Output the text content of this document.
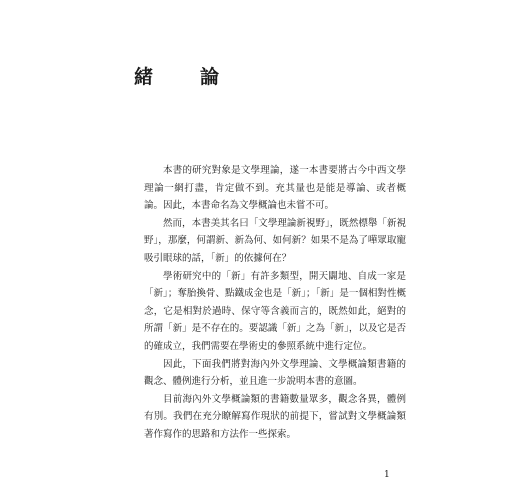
緒　論

本書的研究對象是文學理論，遂一本書要將古今中西文學理論一網打盡，肯定做不到。充其量也是能是導論、或者概論。因此，本書命名為文學概論也未嘗不可。

然而，本書美其名曰「文學理論新視野」，既然標舉「新視野」，那麼，何謂新、新為何、如何新？如果不是為了嘩眾取寵吸引眼球的話，「新」的依據何在？

學術研究中的「新」有許多類型，開天闢地、自成一家是「新」；奪胎換骨、點鐵成金也是「新」；「新」是一個相對性概念，它是相對於過時、保守等含義而言的，既然如此，絕對的所謂「新」是不存在的。要認識「新」之為「新」，以及它是否的確成立，我們需要在學術史的參照系統中進行定位。

因此，下面我們將對海內外文學理論、文學概論類書籍的觀念、體例進行分析，並且進一步說明本書的意圖。

目前海內外文學概論類的書籍數量眾多，觀念各異，體例有別。我們在充分瞭解寫作現狀的前提下，嘗試對文學概論類著作寫作的思路和方法作一些探索。

1
